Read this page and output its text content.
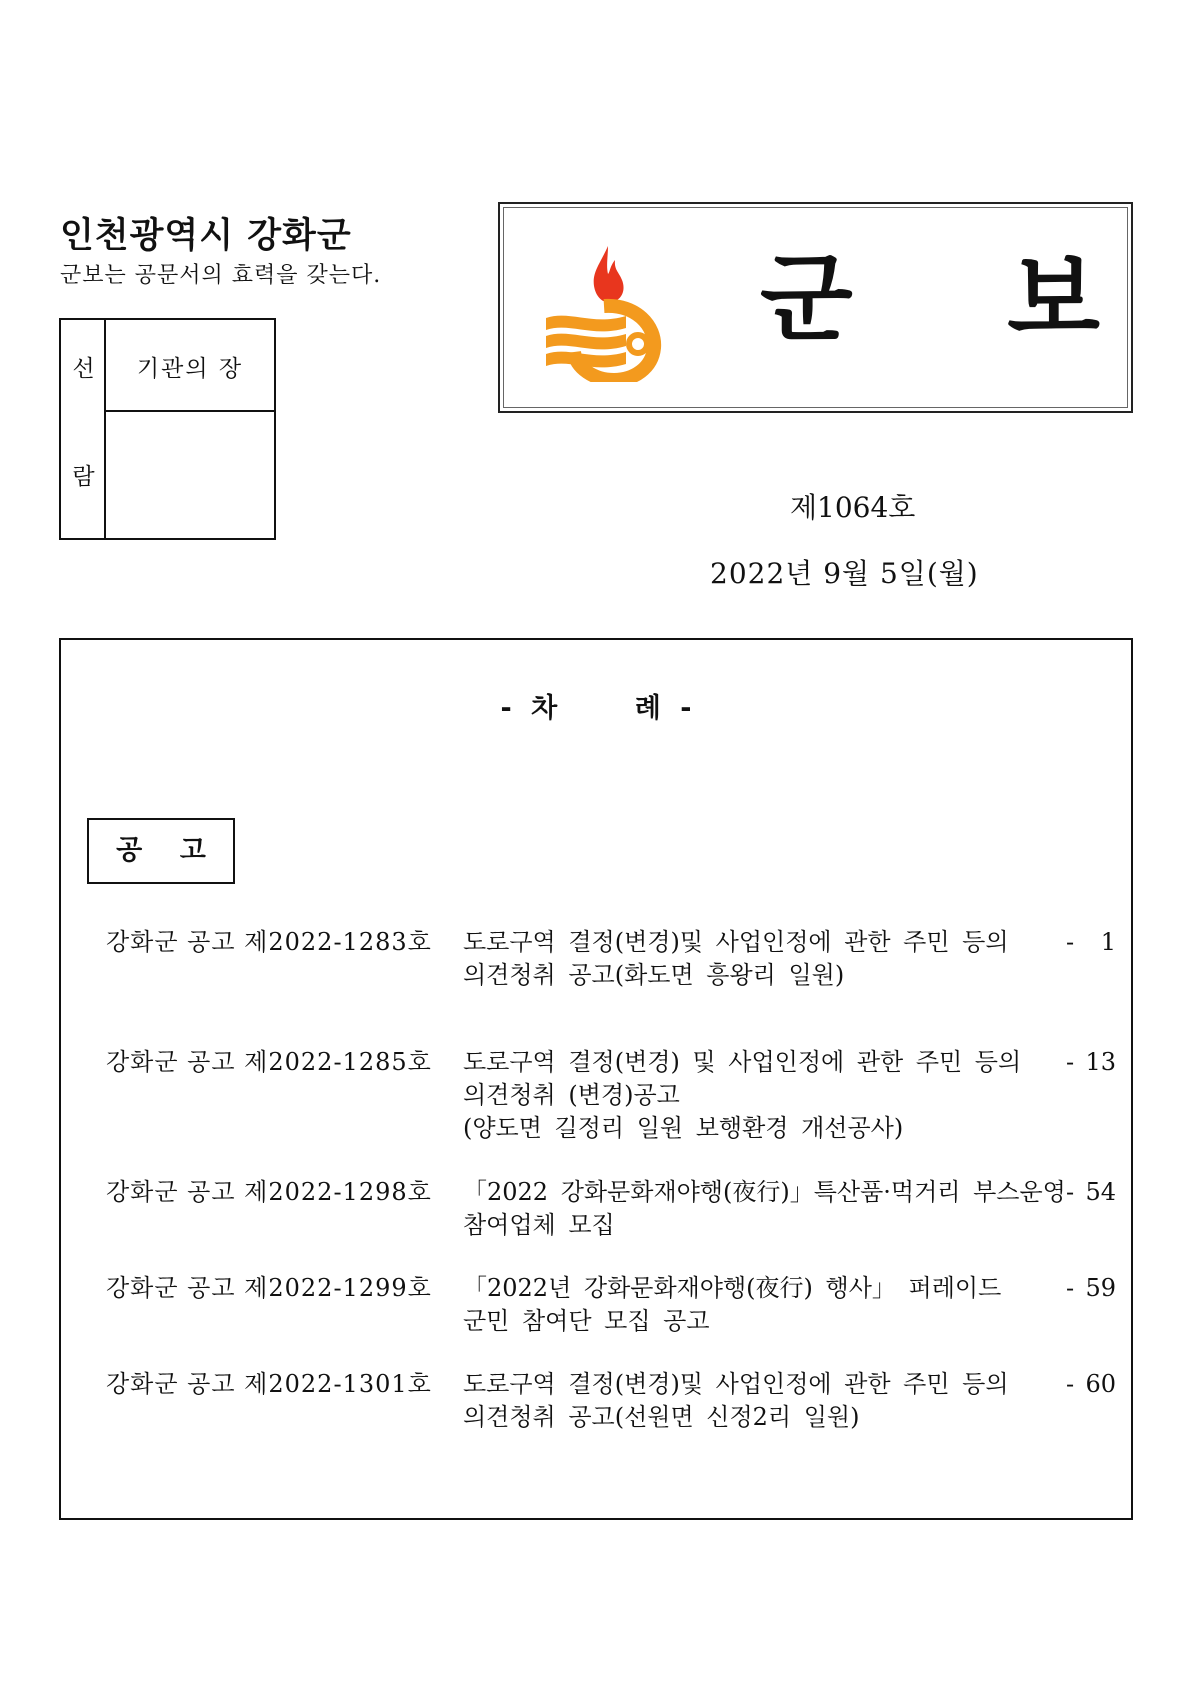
인천광역시 강화군
군보는 공문서의 효력을 갖는다.
선
람
기관의 장
군 보
제1064호
2022년 9월 5일(월)
- 차    례 -
공    고
강화군 공고 제2022-1283호 도로구역 결정(변경)및 사업인정에 관한 주민 등의
의견청취 공고(화도면 흥왕리 일원)
- 1
강화군 공고 제2022-1285호 도로구역 결정(변경) 및 사업인정에 관한 주민 등의
의견청취 (변경)공고
(양도면 길정리 일원 보행환경 개선공사)
- 13
강화군 공고 제2022-1298호 「2022 강화문화재야행(夜行)」특산품·먹거리 부스운영
참여업체 모집
- 54
강화군 공고 제2022-1299호 「2022년 강화문화재야행(夜行) 행사」 퍼레이드
군민 참여단 모집 공고
- 59
강화군 공고 제2022-1301호 도로구역 결정(변경)및 사업인정에 관한 주민 등의
의견청취 공고(선원면 신정2리 일원)
- 60
